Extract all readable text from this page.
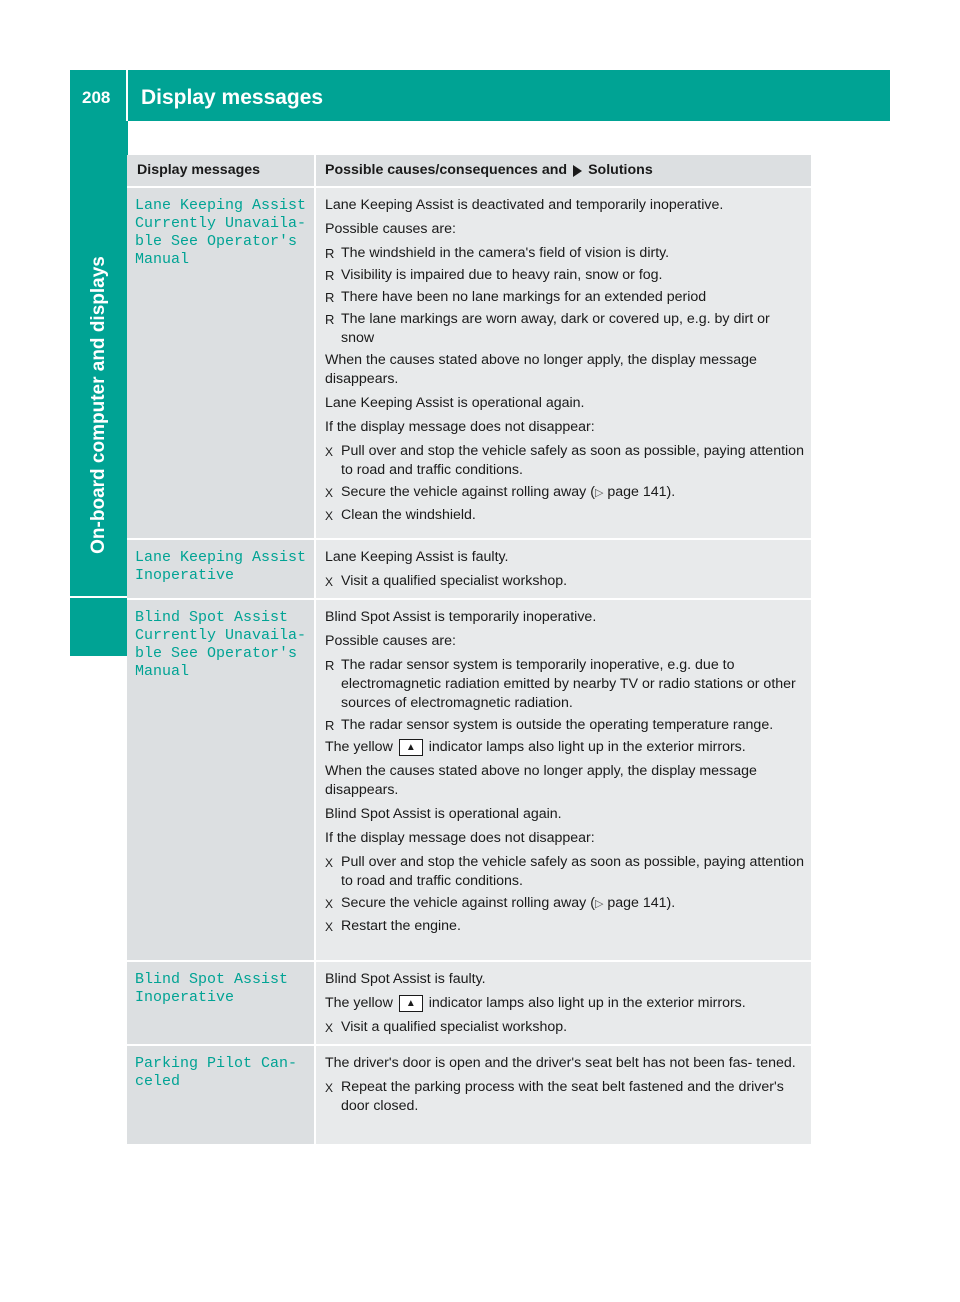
208 Display messages
On-board computer and displays
Display messages	Possible causes/consequences and Solutions
Lane Keeping Assist
Currently Unavaila‐
ble See Operator's
Manual
Lane Keeping Assist is deactivated and temporarily inoperative.
Possible causes are:
R The windshield in the camera's field of vision is dirty.
R Visibility is impaired due to heavy rain, snow or fog.
R There have been no lane markings for an extended period
R The lane markings are worn away, dark or covered up, e.g. by dirt or snow
When the causes stated above no longer apply, the display message disappears.
Lane Keeping Assist is operational again.
If the display message does not disappear:
X Pull over and stop the vehicle safely as soon as possible, paying attention to road and traffic conditions.
X Secure the vehicle against rolling away (▷ page 141).
X Clean the windshield.
Lane Keeping Assist
Inoperative
Lane Keeping Assist is faulty.
X Visit a qualified specialist workshop.
Blind Spot Assist
Currently Unavaila‐
ble See Operator's
Manual
Blind Spot Assist is temporarily inoperative.
Possible causes are:
R The radar sensor system is temporarily inoperative, e.g. due to electromagnetic radiation emitted by nearby TV or radio stations or other sources of electromagnetic radiation.
R The radar sensor system is outside the operating temperature range.
The yellow ▲ indicator lamps also light up in the exterior mirrors.
When the causes stated above no longer apply, the display message disappears.
Blind Spot Assist is operational again.
If the display message does not disappear:
X Pull over and stop the vehicle safely as soon as possible, paying attention to road and traffic conditions.
X Secure the vehicle against rolling away (▷ page 141).
X Restart the engine.
Blind Spot Assist
Inoperative
Blind Spot Assist is faulty.
The yellow ▲ indicator lamps also light up in the exterior mirrors.
X Visit a qualified specialist workshop.
Parking Pilot Can‐
celed
The driver's door is open and the driver's seat belt has not been fas‐ tened.
X Repeat the parking process with the seat belt fastened and the driver's door closed.
